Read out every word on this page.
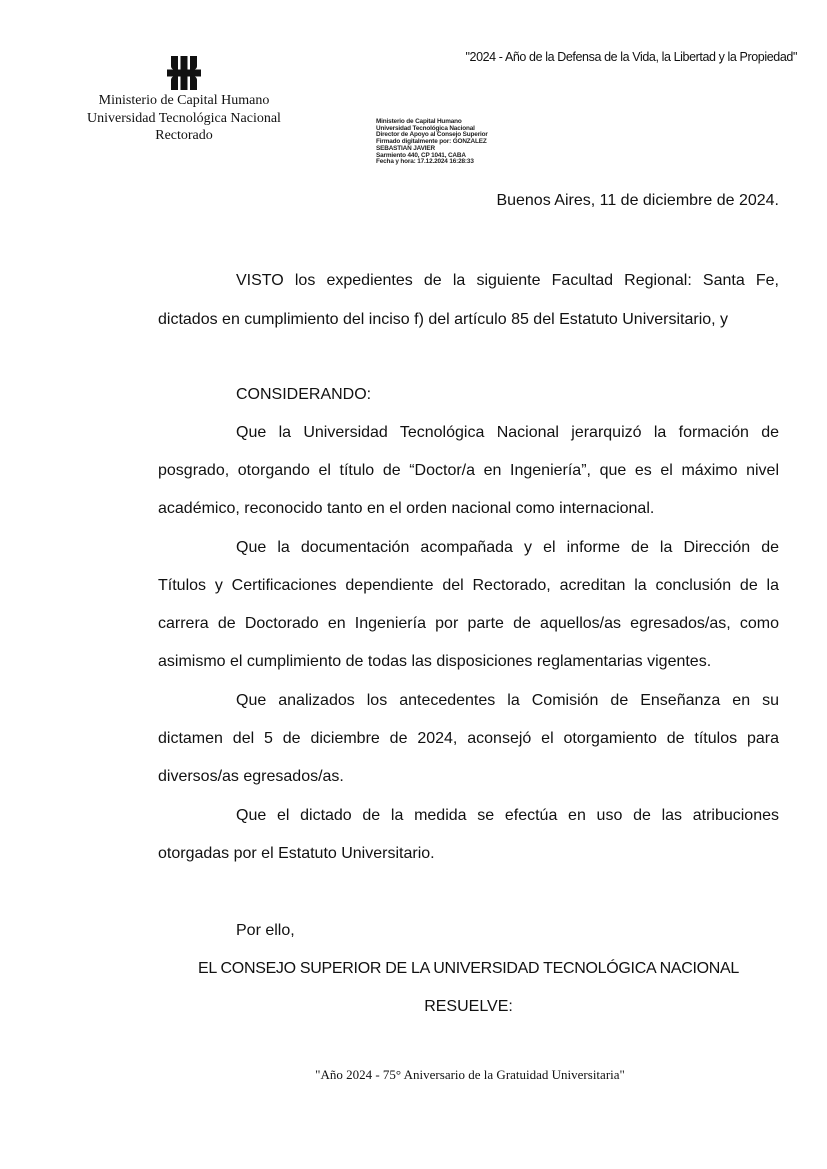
"2024 - Año de la Defensa de la Vida, la Libertad y la Propiedad"
Ministerio de Capital Humano
Universidad Tecnológica Nacional
Rectorado
Ministerio de Capital Humano
Universidad Tecnológica Nacional
Director de Apoyo al Consejo Superior
Firmado digitalmente por: GONZALEZ
SEBASTIAN JAVIER
Sarmiento 440, CP 1041, CABA
Fecha y hora: 17.12.2024 16:28:33
Buenos Aires, 11 de diciembre de 2024.
VISTO los expedientes de la siguiente Facultad Regional: Santa Fe,
dictados en cumplimiento del inciso f) del artículo 85 del Estatuto Universitario, y
CONSIDERANDO:
Que la Universidad Tecnológica Nacional jerarquizó la formación de
posgrado, otorgando el título de “Doctor/a en Ingeniería”, que es el máximo nivel
académico, reconocido tanto en el orden nacional como internacional.
Que la documentación acompañada y el informe de la Dirección de
Títulos y Certificaciones dependiente del Rectorado, acreditan la conclusión de la
carrera de Doctorado en Ingeniería por parte de aquellos/as egresados/as, como
asimismo el cumplimiento de todas las disposiciones reglamentarias vigentes.
Que analizados los antecedentes la Comisión de Enseñanza en su
dictamen del 5 de diciembre de 2024, aconsejó el otorgamiento de títulos para
diversos/as egresados/as.
Que el dictado de la medida se efectúa en uso de las atribuciones
otorgadas por el Estatuto Universitario.
Por ello,
EL CONSEJO SUPERIOR DE LA UNIVERSIDAD TECNOLÓGICA NACIONAL
RESUELVE:
"Año 2024 - 75° Aniversario de la Gratuidad Universitaria"
